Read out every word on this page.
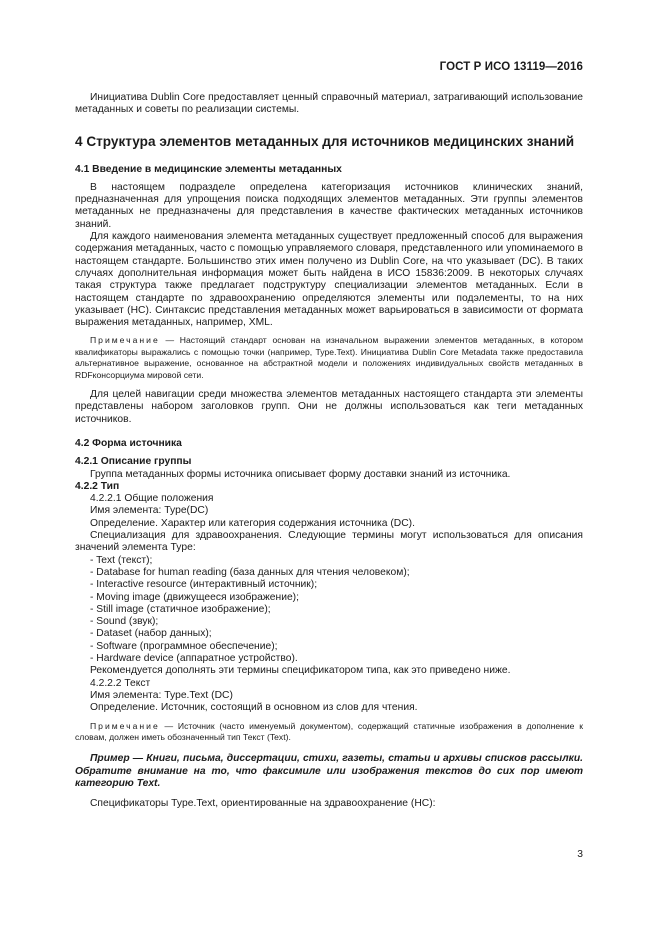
ГОСТ Р ИСО 13119—2016

Инициатива Dublin Core предоставляет ценный справочный материал, затрагивающий использование метаданных и советы по реализации системы.

4 Структура элементов метаданных для источников медицинских знаний

4.1 Введение в медицинские элементы метаданных

В настоящем подразделе определена категоризация источников клинических знаний, предназначенная для упрощения поиска подходящих элементов метаданных. Эти группы элементов метаданных не предназначены для представления в качестве фактических метаданных источников знаний.

Для каждого наименования элемента метаданных существует предложенный способ для выражения содержания метаданных, часто с помощью управляемого словаря, представленного или упоминаемого в настоящем стандарте. Большинство этих имен получено из Dublin Core, на что указывает (DC). В таких случаях дополнительная информация может быть найдена в ИСО 15836:2009. В некоторых случаях такая структура также предлагает подструктуру специализации элементов метаданных. Если в настоящем стандарте по здравоохранению определяются элементы или подэлементы, то на них указывает (НС). Синтаксис представления метаданных может варьироваться в зависимости от формата выражения метаданных, например, XML.

Примечание — Настоящий стандарт основан на изначальном выражении элементов метаданных, в котором квалификаторы выражались с помощью точки (например, Type.Text). Инициатива Dublin Core Metadata также предоставила альтернативное выражение, основанное на абстрактной модели и положениях индивидуальных свойств метаданных в RDFконсорциума мировой сети.

Для целей навигации среди множества элементов метаданных настоящего стандарта эти элементы представлены набором заголовков групп. Они не должны использоваться как теги метаданных источников.

4.2 Форма источника

4.2.1 Описание группы

Группа метаданных формы источника описывает форму доставки знаний из источника.

4.2.2 Тип

4.2.2.1 Общие положения

Имя элемента: Type(DC)

Определение. Характер или категория содержания источника (DC).

Специализация для здравоохранения. Следующие термины могут использоваться для описания значений элемента Type:

- Text (текст);
- Database for human reading (база данных для чтения человеком);
- Interactive resource (интерактивный источник);
- Moving image (движущееся изображение);
- Still image (статичное изображение);
- Sound (звук);
- Dataset (набор данных);
- Software (программное обеспечение);
- Hardware device (аппаратное устройство).

Рекомендуется дополнять эти термины спецификатором типа, как это приведено ниже.

4.2.2.2 Текст

Имя элемента: Type.Text (DC)

Определение. Источник, состоящий в основном из слов для чтения.

Примечание — Источник (часто именуемый документом), содержащий статичные изображения в дополнение к словам, должен иметь обозначенный тип Текст (Text).

Пример — Книги, письма, диссертации, стихи, газеты, статьи и архивы списков рассылки. Обратите внимание на то, что факсимиле или изображения текстов до сих пор имеют категорию Text.

Спецификаторы Type.Text, ориентированные на здравоохранение (НС):

3
